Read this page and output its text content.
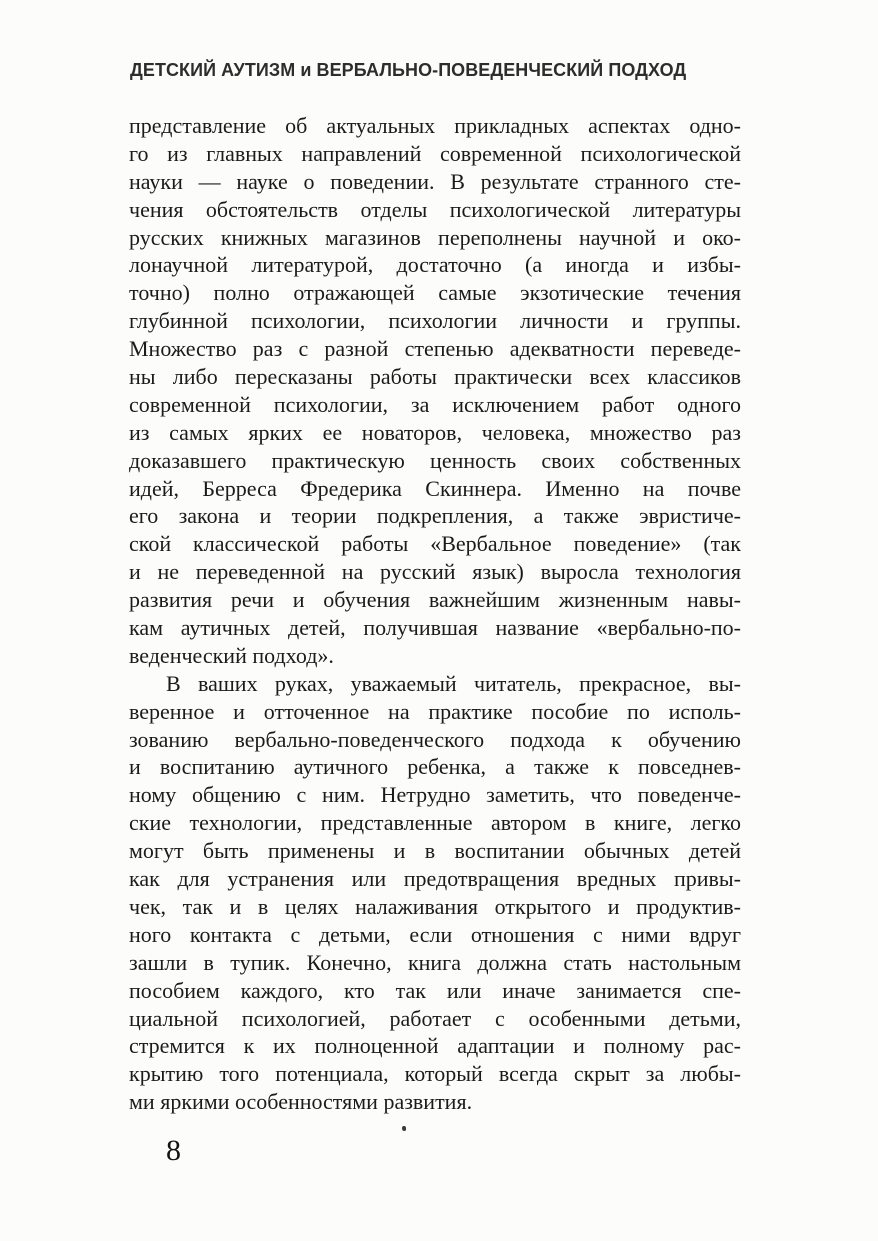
ДЕТСКИЙ АУТИЗМ и ВЕРБАЛЬНО-ПОВЕДЕНЧЕСКИЙ ПОДХОД
представление об актуальных прикладных аспектах одно-
го из главных направлений современной психологической
науки — науке о поведении. В результате странного сте-
чения обстоятельств отделы психологической литературы
русских книжных магазинов переполнены научной и око-
лонаучной литературой, достаточно (а иногда и избы-
точно) полно отражающей самые экзотические течения
глубинной психологии, психологии личности и группы.
Множество раз с разной степенью адекватности переведе-
ны либо пересказаны работы практически всех классиков
современной психологии, за исключением работ одного
из самых ярких ее новаторов, человека, множество раз
доказавшего практическую ценность своих собственных
идей, Берреса Фредерика Скиннера. Именно на почве
его закона и теории подкрепления, а также эвристиче-
ской классической работы «Вербальное поведение» (так
и не переведенной на русский язык) выросла технология
развития речи и обучения важнейшим жизненным навы-
кам аутичных детей, получившая название «вербально-по-
веденческий подход».
В ваших руках, уважаемый читатель, прекрасное, вы-
веренное и отточенное на практике пособие по исполь-
зованию вербально-поведенческого подхода к обучению
и воспитанию аутичного ребенка, а также к повседнев-
ному общению с ним. Нетрудно заметить, что поведенче-
ские технологии, представленные автором в книге, легко
могут быть применены и в воспитании обычных детей
как для устранения или предотвращения вредных привы-
чек, так и в целях налаживания открытого и продуктив-
ного контакта с детьми, если отношения с ними вдруг
зашли в тупик. Конечно, книга должна стать настольным
пособием каждого, кто так или иначе занимается спе-
циальной психологией, работает с особенными детьми,
стремится к их полноценной адаптации и полному рас-
крытию того потенциала, который всегда скрыт за любы-
ми яркими особенностями развития.
8
